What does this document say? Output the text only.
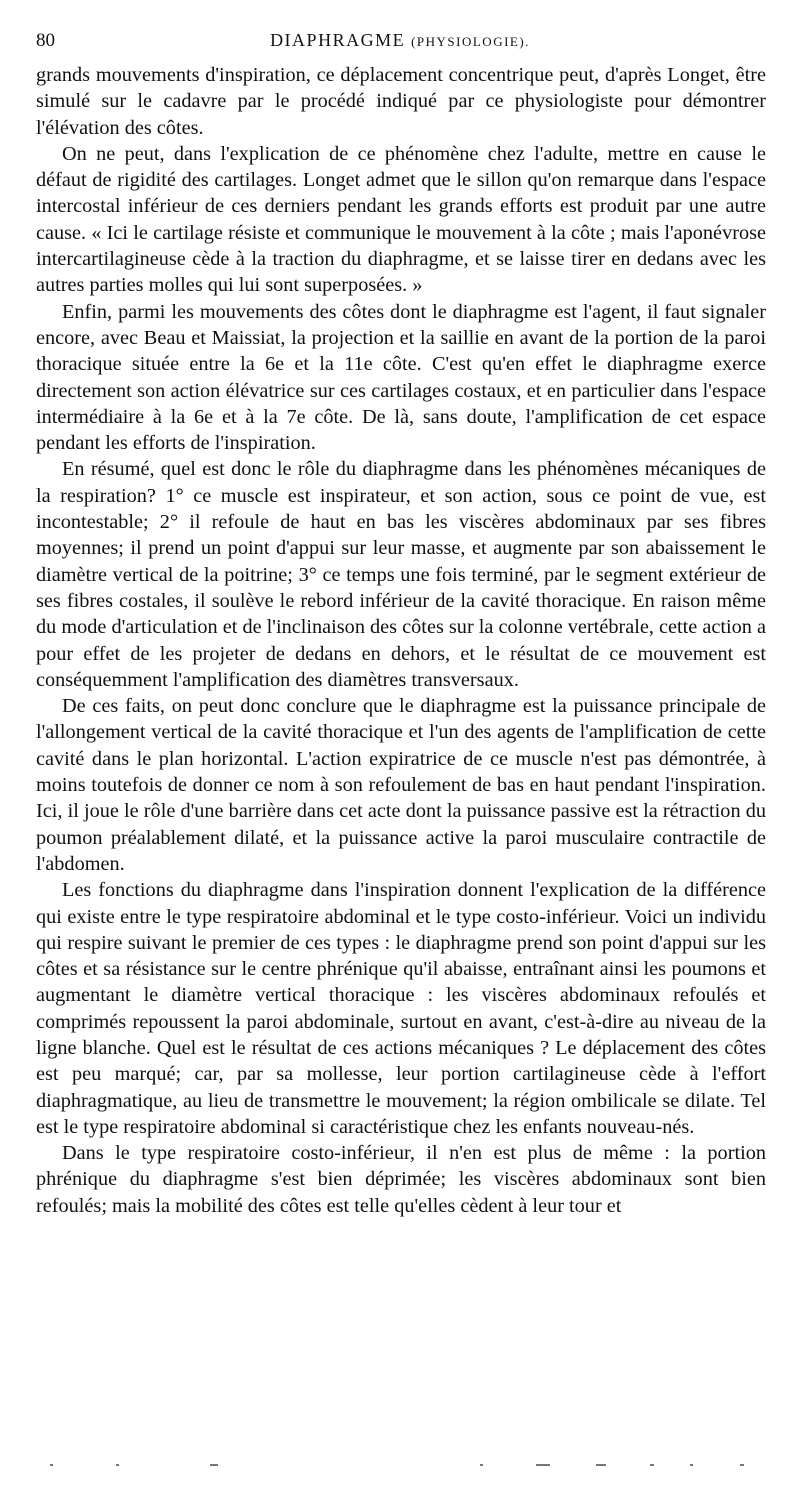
80	DIAPHRAGME (PHYSIOLOGIE).

grands mouvements d'inspiration, ce déplacement concentrique peut, d'après Longet, être simulé sur le cadavre par le procédé indiqué par ce physiologiste pour démontrer l'élévation des côtes.

On ne peut, dans l'explication de ce phénomène chez l'adulte, mettre en cause le défaut de rigidité des cartilages. Longet admet que le sillon qu'on remarque dans l'espace intercostal inférieur de ces derniers pendant les grands efforts est produit par une autre cause. « Ici le cartilage résiste et communique le mouvement à la côte ; mais l'aponévrose intercartilagineuse cède à la traction du diaphragme, et se laisse tirer en dedans avec les autres parties molles qui lui sont superposées. »

Enfin, parmi les mouvements des côtes dont le diaphragme est l'agent, il faut signaler encore, avec Beau et Maissiat, la projection et la saillie en avant de la portion de la paroi thoracique située entre la 6e et la 11e côte. C'est qu'en effet le diaphragme exerce directement son action élévatrice sur ces cartilages costaux, et en particulier dans l'espace intermédiaire à la 6e et à la 7e côte. De là, sans doute, l'amplification de cet espace pendant les efforts de l'inspiration.

En résumé, quel est donc le rôle du diaphragme dans les phénomènes mécaniques de la respiration? 1° ce muscle est inspirateur, et son action, sous ce point de vue, est incontestable; 2° il refoule de haut en bas les viscères abdominaux par ses fibres moyennes; il prend un point d'appui sur leur masse, et augmente par son abaissement le diamètre vertical de la poitrine; 3° ce temps une fois terminé, par le segment extérieur de ses fibres costales, il soulève le rebord inférieur de la cavité thoracique. En raison même du mode d'articulation et de l'inclinaison des côtes sur la colonne vertébrale, cette action a pour effet de les projeter de dedans en dehors, et le résultat de ce mouvement est conséquemment l'amplification des diamètres transversaux.

De ces faits, on peut donc conclure que le diaphragme est la puissance principale de l'allongement vertical de la cavité thoracique et l'un des agents de l'amplification de cette cavité dans le plan horizontal. L'action expiratrice de ce muscle n'est pas démontrée, à moins toutefois de donner ce nom à son refoulement de bas en haut pendant l'inspiration. Ici, il joue le rôle d'une barrière dans cet acte dont la puissance passive est la rétraction du poumon préalablement dilaté, et la puissance active la paroi musculaire contractile de l'abdomen.

Les fonctions du diaphragme dans l'inspiration donnent l'explication de la différence qui existe entre le type respiratoire abdominal et le type costo-inférieur. Voici un individu qui respire suivant le premier de ces types : le diaphragme prend son point d'appui sur les côtes et sa résistance sur le centre phrénique qu'il abaisse, entraînant ainsi les poumons et augmentant le diamètre vertical thoracique : les viscères abdominaux refoulés et comprimés repoussent la paroi abdominale, surtout en avant, c'est-à-dire au niveau de la ligne blanche. Quel est le résultat de ces actions mécaniques ? Le déplacement des côtes est peu marqué; car, par sa mollesse, leur portion cartilagineuse cède à l'effort diaphragmatique, au lieu de transmettre le mouvement; la région ombilicale se dilate. Tel est le type respiratoire abdominal si caractéristique chez les enfants nouveau-nés.

Dans le type respiratoire costo-inférieur, il n'en est plus de même : la portion phrénique du diaphragme s'est bien déprimée; les viscères abdominaux sont bien refoulés; mais la mobilité des côtes est telle qu'elles cèdent à leur tour et
